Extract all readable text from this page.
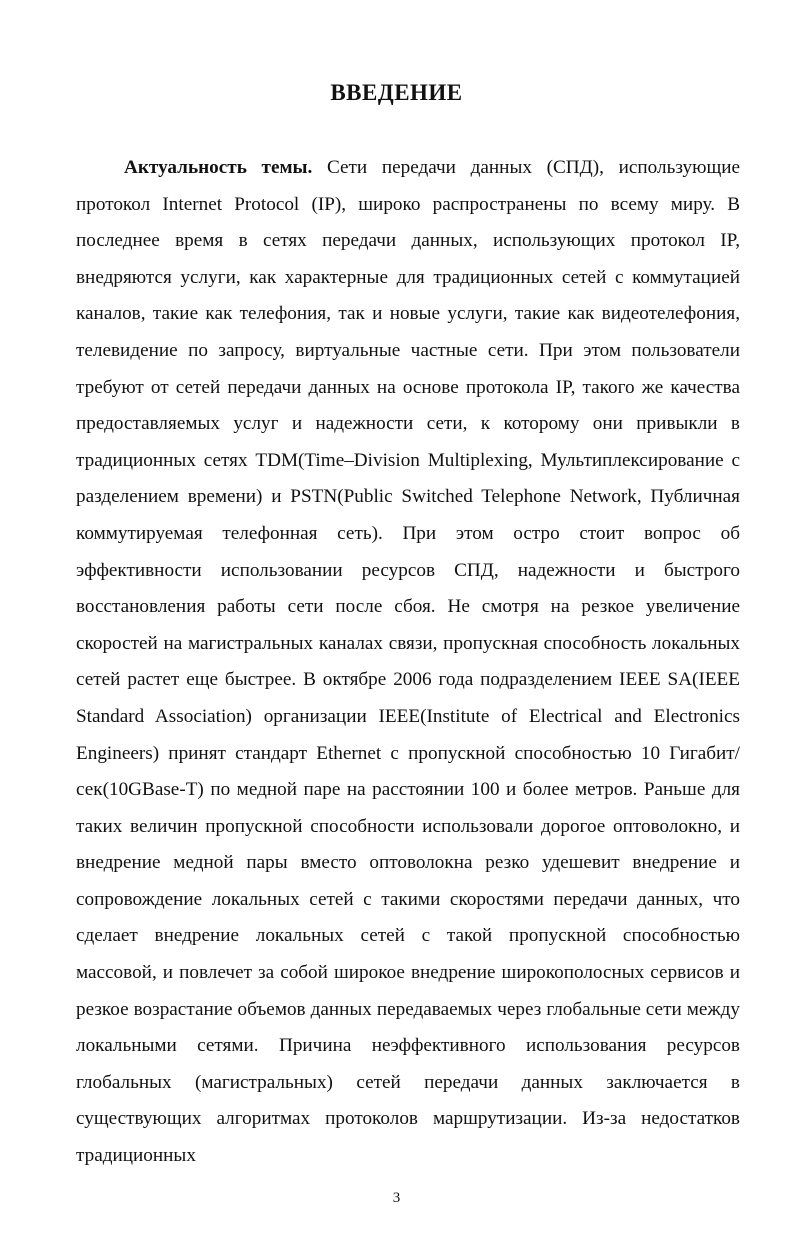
ВВЕДЕНИЕ

Актуальность темы. Сети передачи данных (СПД), использующие протокол Internet Protocol (IP), широко распространены по всему миру. В последнее время в сетях передачи данных, использующих протокол IP, внедряются услуги, как характерные для традиционных сетей с коммутацией каналов, такие как телефония, так и новые услуги, такие как видеотелефония, телевидение по запросу, виртуальные частные сети. При этом пользователи требуют от сетей передачи данных на основе протокола IP, такого же качества предоставляемых услуг и надежности сети, к которому они привыкли в традиционных сетях TDM(Time–Division Multiplexing, Мультиплексирование с разделением времени) и PSTN(Public Switched Telephone Network, Публичная коммутируемая телефонная сеть). При этом остро стоит вопрос об эффективности использовании ресурсов СПД, надежности и быстрого восстановления работы сети после сбоя. Не смотря на резкое увеличение скоростей на магистральных каналах связи, пропускная способность локальных сетей растет еще быстрее. В октябре 2006 года подразделением IEEE SA(IEEE Standard Association) организации IEEE(Institute of Electrical and Electronics Engineers) принят стандарт Ethernet с пропускной способностью 10 Гигабит/сек(10GBase-T) по медной паре на расстоянии 100 и более метров. Раньше для таких величин пропускной способности использовали дорогое оптоволокно, и внедрение медной пары вместо оптоволокна резко удешевит внедрение и сопровождение локальных сетей с такими скоростями передачи данных, что сделает внедрение локальных сетей с такой пропускной способностью массовой, и повлечет за собой широкое внедрение широкополосных сервисов и резкое возрастание объемов данных передаваемых через глобальные сети между локальными сетями. Причина неэффективного использования ресурсов глобальных (магистральных) сетей передачи данных заключается в существующих алгоритмах протоколов маршрутизации. Из-за недостатков традиционных

3
